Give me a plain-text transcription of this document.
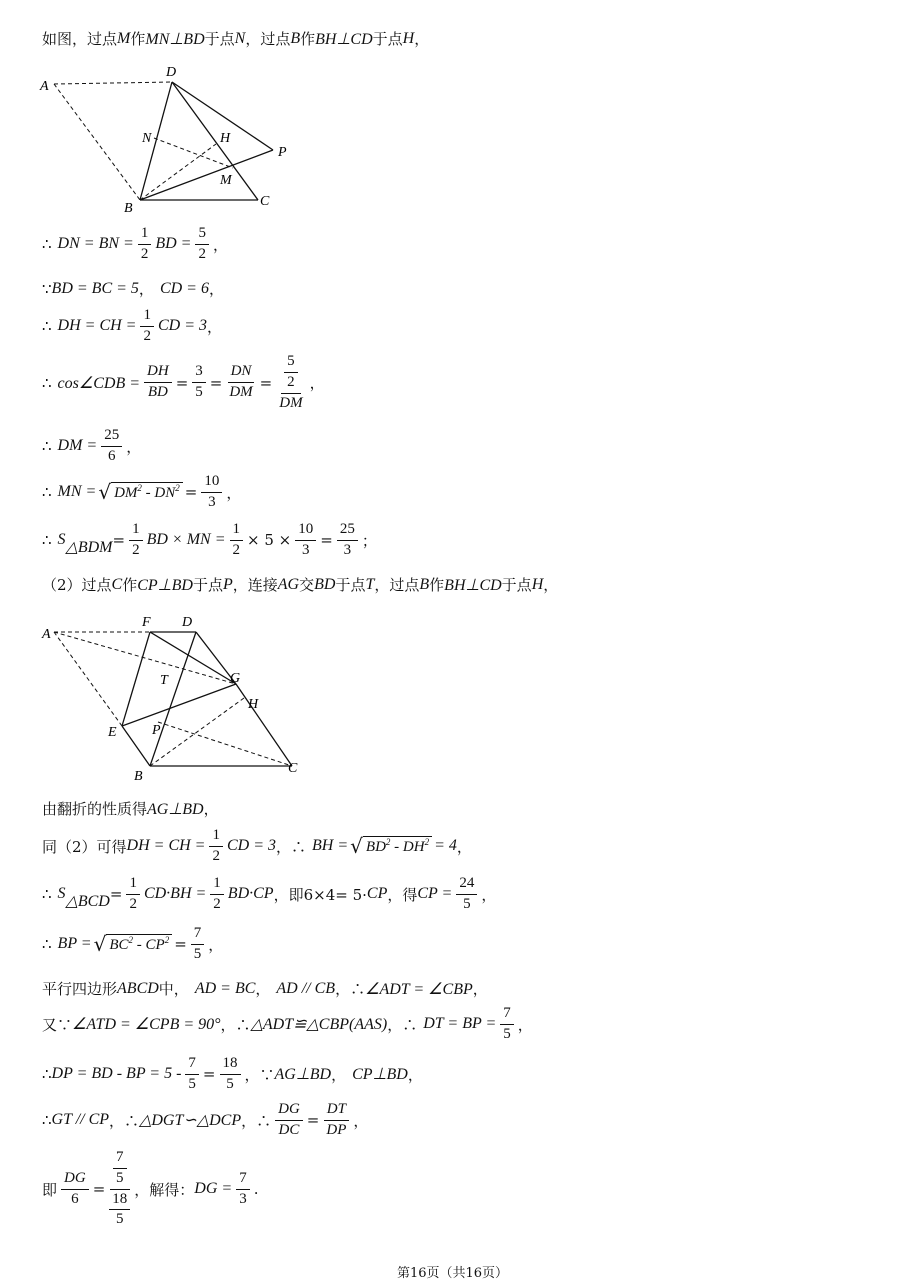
如图，过点 M 作 MN⊥BD 于点 N ，过点 B 作 BH⊥CD 于点 H ，
A
D
N	H
P
M
B	C
∴ DN = BN = $\frac{1}{2}$ BD = $\frac{5}{2}$ ，
∵ BD = BC = 5 ， CD = 6 ，
∴ DH = CH = $\frac{1}{2}$ CD = 3 ，
∴ cos∠CDB = $\frac{DH}{BD} = \frac{3}{5} = \frac{DN}{DM} = \frac{\frac{5}{2}}{DM}$ ，
∴ DM = $\frac{25}{6}$ ，
∴ MN = √ $DM^2 - DN^2 = \frac{10}{3}$ ，
∴ S △BDM = $\frac{1}{2}$ BD × MN = $\frac{1}{2} \times 5 \times \frac{10}{3} = \frac{25}{3}$ ；
（2）过点 C 作 CP⊥BD 于点 P ，连接 AG 交 BD 于点 T ，过点 B 作 BH⊥CD 于点 H ，
A
F D
T	G
H
E	P
B
C
由翻折的性质得 AG⊥BD ，
同（2）可得 DH = CH = $\frac{1}{2}$ CD = 3 ，∴ BH = √ $BD^2 - DH^2 = 4$ ，
∴ S △BCD = $\frac{1}{2} CD\cdot BH = \frac{1}{2} BD\cdot CP$ ，即6×4= 5· CP ，得 CP = $\frac{24}{5}$ ，
∴ BP = √ $BC^2 - CP^2 = \frac{7}{5}$ ，
平行四边形 ABCD 中， AD = BC ， AD // CB ，∴ ∠ADT = ∠CBP ，
又∵ ∠ATD = ∠CPB = 90° ，∴ △ADT≌△CBP(AAS) ，∴ DT = BP = $\frac{7}{5}$ ，
∴ DP = BD - BP = $5 - \frac{7}{5} = \frac{18}{5}$ ，∵ AG⊥BD ， CP⊥BD ，
∴ GT // CP ，∴ △DGT∽△DCP ，∴ $\frac{DG}{DC} = \frac{DT}{DP}$ ，
即 $\frac{DG}{6} = \frac{\frac{7}{5}}{\frac{18}{5}}$ ，解得： DG = $\frac{7}{3}$ .
第16页（共16页）
